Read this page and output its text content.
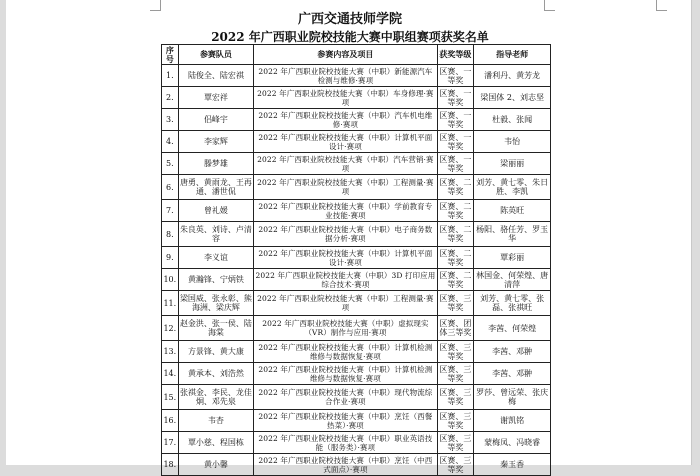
广西交通技师学院
2022 年广西职业院校技能大赛中职组赛项获奖名单
序号	参赛队员	参赛内容及项目	获奖等级	指导老师
1.	陆俊全、陆宏祺	2022 年广西职业院校技能大赛（中职）新能源汽车检测与维修·赛项	区赛、一等奖	潘利丹、黄芳龙
2.	覃宏祥	2022 年广西职业院校技能大赛（中职）车身修理·赛项	区赛、一等奖	梁国体 2、刘志坚
3.	侣峰宇	2022 年广西职业院校技能大赛（中职）汽车机电维修·赛项	区赛、一等奖	杜毅、张闻
4.	李家辉	2022 年广西职业院校技能大赛（中职）计算机平面设计·赛项	区赛、一等奖	韦怡
5.	滕梦雄	2022 年广西职业院校技能大赛（中职）汽车营销·赛项	区赛、一等奖	梁丽丽
6.	唐勇、黄雨龙、王再通、潘世侃	2022 年广西职业院校技能大赛（中职）工程测量·赛项	区赛、二等奖	刘芳、黄七零、朱日胜、李凯
7.	曾礼媛	2022 年广西职业院校技能大赛（中职）学前教育专业技能·赛项	区赛、二等奖	陈英旺
8.	朱良英、刘诗、卢清容	2022 年广西职业院校技能大赛（中职）电子商务数据分析·赛项	区赛、二等奖	杨阳、骆任芳、罗玉华
9.	李义谊	2022 年广西职业院校技能大赛（中职）计算机平面设计·赛项	区赛、二等奖	覃彩丽
10.	黄瀚锋、宁炳铁	2022 年广西职业院校技能大赛（中职）3D 打印应用综合技术·赛项	区赛、二等奖	林国金、何荣煌、唐清萍
11.	梁国威、张永彰、熊海洲、梁庆辉	2022 年广西职业院校技能大赛（中职）工程测量·赛项	区赛、三等奖	刘芳、黄七零、张磊、张祺旺
12.	赵金洪、张一侯、陆海棠	2022 年广西职业院校技能大赛（中职）虚拟现实（VR）制作与应用·赛项	区赛、团体三等奖	李茜、何荣煌
13.	方景锋、黄大康	2022 年广西职业院校技能大赛（中职）计算机检测维修与数据恢复·赛项	区赛、三等奖	李茜、邓翀
14.	黄承本、刘浩然	2022 年广西职业院校技能大赛（中职）计算机检测维修与数据恢复·赛项	区赛、三等奖	李茜、邓翀
15.	张祺金、李民、龙佳炯、邓先泉	2022 年广西职业院校技能大赛（中职）现代物流综合作业·赛项	区赛、三等奖	罗莎、曾远荣、张庆梅
16.	韦杏	2022 年广西职业院校技能大赛（中职）烹饪（西餐热菜）·赛项	区赛、三等奖	谢凯铭
17.	覃小慈、程国栋	2022 年广西职业院校技能大赛（中职）职业英语技能（服务类）·赛项	区赛、三等奖	蒙梅凤、冯晓睿
18.	黄小馨	2022 年广西职业院校技能大赛（中职）烹饪（中西式面点）·赛项	区赛、三等奖	秦玉香
